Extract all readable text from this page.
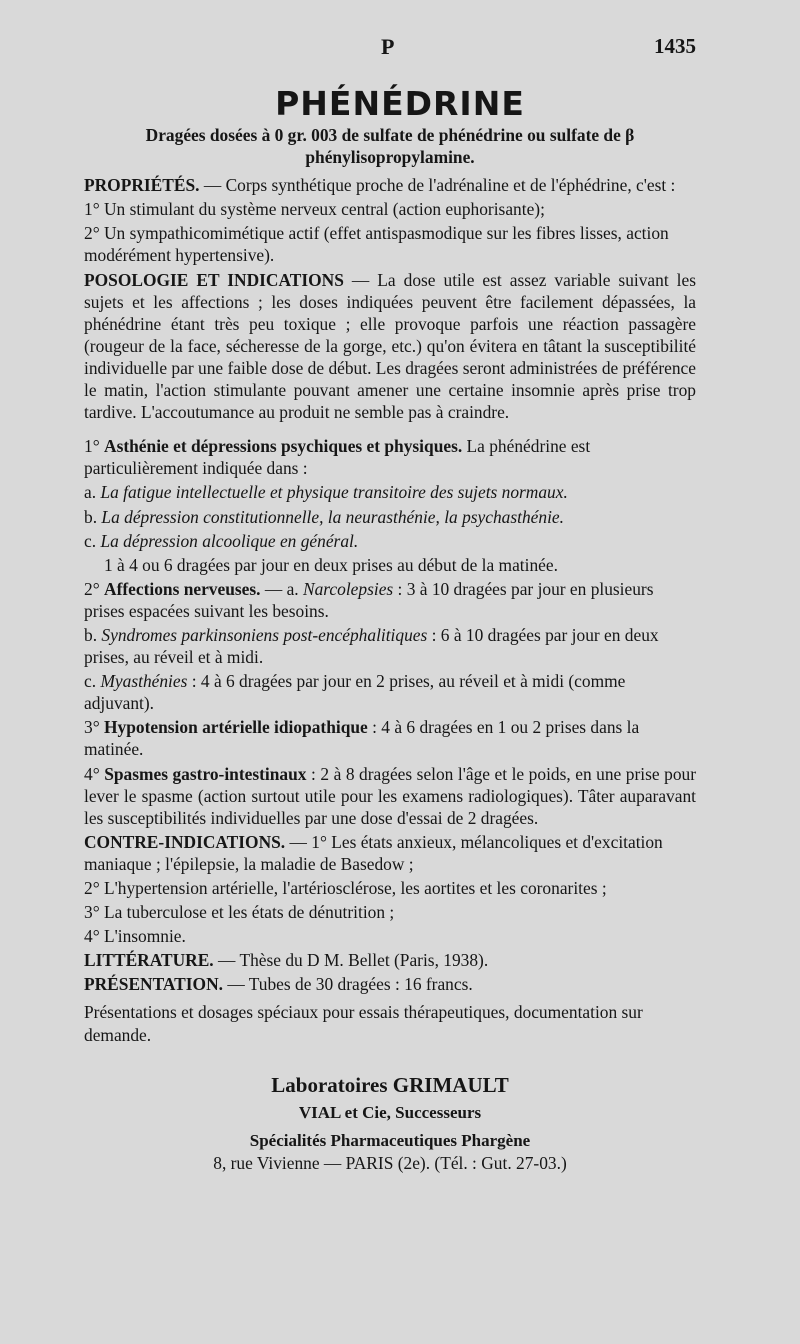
P	1435
PHÉNÉDRINE

Dragées dosées à 0 gr. 003 de sulfate de phénédrine ou sulfate de β phénylisopropylamine.

PROPRIÉTÉS. — Corps synthétique proche de l'adrénaline et de l'éphédrine, c'est :

1° Un stimulant du système nerveux central (action euphorisante);

2° Un sympathicomimétique actif (effet antispasmodique sur les fibres lisses, action modérément hypertensive).

POSOLOGIE ET INDICATIONS — La dose utile est assez variable suivant les sujets et les affections ; les doses indiquées peuvent être facilement dépassées, la phénédrine étant très peu toxique ; elle provoque parfois une réaction passagère (rougeur de la face, sécheresse de la gorge, etc.) qu'on évitera en tâtant la susceptibilité individuelle par une faible dose de début. Les dragées seront administrées de préférence le matin, l'action stimulante pouvant amener une certaine insomnie après prise trop tardive. L'accoutumance au produit ne semble pas à craindre.

1° Asthénie et dépressions psychiques et physiques. La phénédrine est particulièrement indiquée dans :

a. La fatigue intellectuelle et physique transitoire des sujets normaux.

b. La dépression constitutionnelle, la neurasthénie, la psychasthénie.

c. La dépression alcoolique en général.

1 à 4 ou 6 dragées par jour en deux prises au début de la matinée.

2° Affections nerveuses. — a. Narcolepsies : 3 à 10 dragées par jour en plusieurs prises espacées suivant les besoins.

b. Syndromes parkinsoniens post-encéphalitiques : 6 à 10 dragées par jour en deux prises, au réveil et à midi.

c. Myasthénies : 4 à 6 dragées par jour en 2 prises, au réveil et à midi (comme adjuvant).

3° Hypotension artérielle idiopathique : 4 à 6 dragées en 1 ou 2 prises dans la matinée.

4° Spasmes gastro-intestinaux : 2 à 8 dragées selon l'âge et le poids, en une prise pour lever le spasme (action surtout utile pour les examens radiologiques). Tâter auparavant les susceptibilités individuelles par une dose d'essai de 2 dragées.

CONTRE-INDICATIONS. — 1° Les états anxieux, mélancoliques et d'excitation maniaque ; l'épilepsie, la maladie de Basedow ;

2° L'hypertension artérielle, l'artériosclérose, les aortites et les coronarites ;

3° La tuberculose et les états de dénutrition ;

4° L'insomnie.

LITTÉRATURE. — Thèse du D M. Bellet (Paris, 1938).

PRÉSENTATION. — Tubes de 30 dragées : 16 francs.

Présentations et dosages spéciaux pour essais thérapeutiques, documentation sur demande.

Laboratoires GRIMAULT
VIAL et Cie, Successeurs
Spécialités Pharmaceutiques Phargène
8, rue Vivienne — PARIS (2e). (Tél. : Gut. 27-03.)
